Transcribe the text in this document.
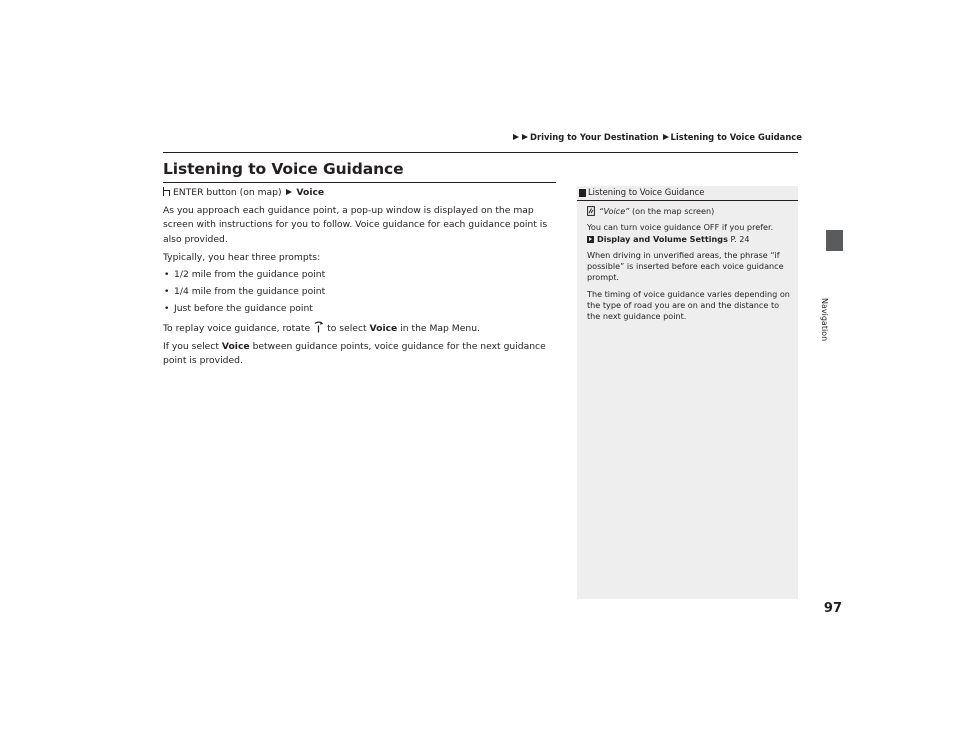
Driving to Your Destination Listening to Voice Guidance
Navigation
Listening to Voice Guidance

ENTER button (on map) Voice

As you approach each guidance point, a pop-up window is displayed on the map screen with instructions for you to follow. Voice guidance for each guidance point is also provided.

Typically, you hear three prompts:

• 1/2 mile from the guidance point
• 1/4 mile from the guidance point
• Just before the guidance point

To replay voice guidance, rotate to select Voice in the Map Menu.

If you select Voice between guidance points, voice guidance for the next guidance point is provided.

Listening to Voice Guidance

“Voice” (on the map screen)

You can turn voice guidance OFF if you prefer.

Display and Volume Settings P. 24

When driving in unverified areas, the phrase “if possible” is inserted before each voice guidance prompt.

The timing of voice guidance varies depending on the type of road you are on and the distance to the next guidance point.

97
